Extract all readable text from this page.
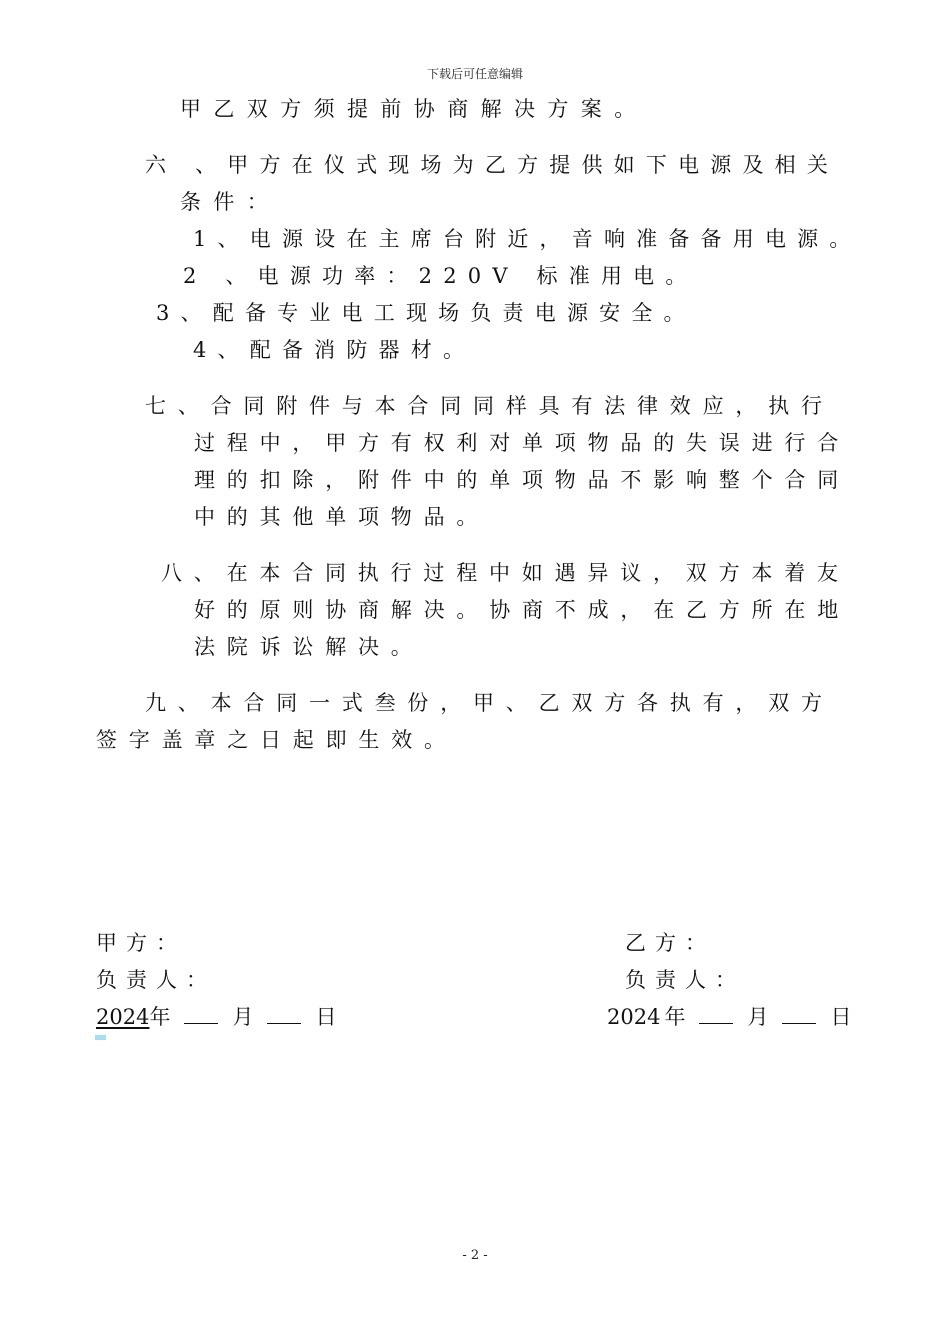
下载后可任意编辑
甲乙双方须提前协商解决方案。
六 、甲方在仪式现场为乙方提供如下电源及相关
条件：
1、电源设在主席台附近，音响准备备用电源。
2 、电源功率：220V 标准用电。
3、配备专业电工现场负责电源安全。
4、配备消防器材。
七、合同附件与本合同同样具有法律效应，执行
过程中，甲方有权利对单项物品的失误进行合
理的扣除，附件中的单项物品不影响整个合同
中的其他单项物品。
八、在本合同执行过程中如遇异议，双方本着友
好的原则协商解决。协商不成，在乙方所在地
法院诉讼解决。
九、本合同一式叁份，甲、乙双方各执有，双方
签字盖章之日起即生效。
甲方：
负责人：
2024年	月	日
乙方：
负责人：
2024 年	月	日
- 2 -
